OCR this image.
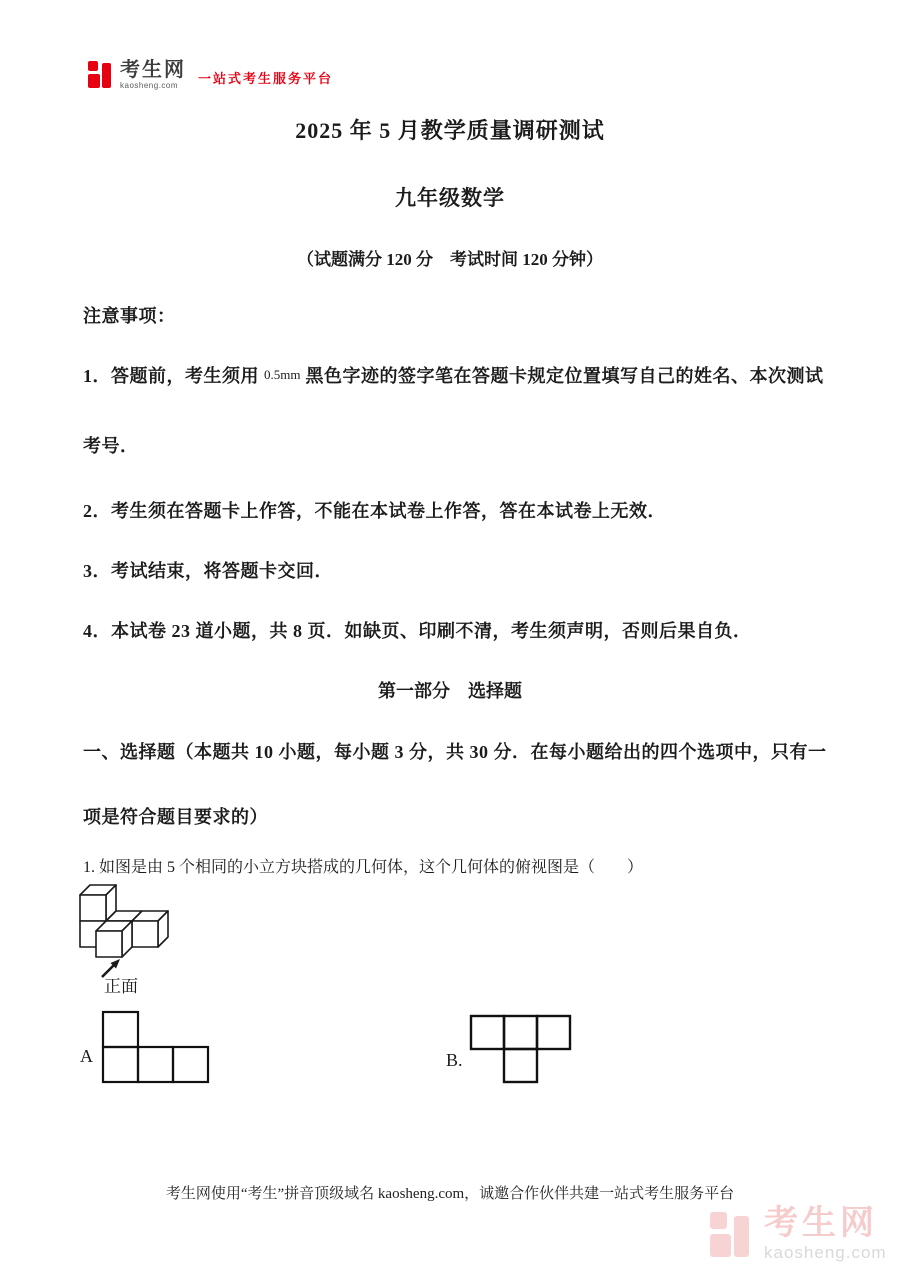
考生网
kaosheng.com	一站式考生服务平台
2025 年 5 月教学质量调研测试
九年级数学
（试题满分 120 分　考试时间 120 分钟）
注意事项：
1．答题前，考生须用 0.5mm 黑色字迹的签字笔在答题卡规定位置填写自己的姓名、本次测试
考号．
2．考生须在答题卡上作答，不能在本试卷上作答，答在本试卷上无效．
3．考试结束，将答题卡交回．
4．本试卷 23 道小题，共 8 页．如缺页、印刷不清，考生须声明，否则后果自负．
第一部分　选择题
一、选择题（本题共 10 小题，每小题 3 分，共 30 分．在每小题给出的四个选项中，只有一
项是符合题目要求的）
1. 如图是由 5 个相同的小立方块搭成的几何体，这个几何体的俯视图是（　　）
正面
A	B.
考生网使用“考生”拼音顶级域名 kaosheng.com，诚邀合作伙伴共建一站式考生服务平台
考生网
kaosheng.com
